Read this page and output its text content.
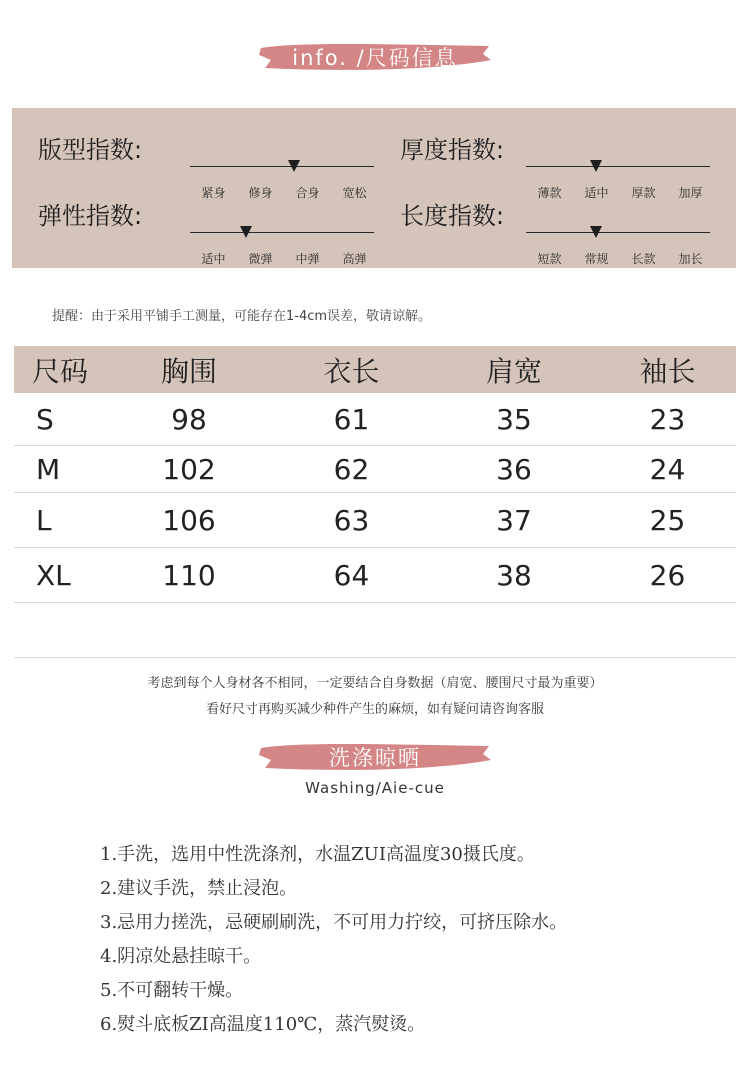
info. /尺码信息
版型指数:
紧身	修身	合身	宽松
厚度指数:
薄款	适中	厚款	加厚
弹性指数:
适中	微弹	中弹	高弹
长度指数:
短款	常规	长款	加长
提醒：由于采用平铺手工测量，可能存在1-4cm误差，敬请谅解。
尺码	胸围	衣长	肩宽	袖长
S	98	61	35	23
M	102	62	36	24
L	106	63	37	25
XL	110	64	38	26
考虑到每个人身材各不相同，一定要结合自身数据（肩宽、腰围尺寸最为重要）
看好尺寸再购买减少种件产生的麻烦，如有疑问请咨询客服
洗涤晾晒
Washing/Aie-cue
1.手洗，选用中性洗涤剂，水温ZUI高温度30摄氏度。
2.建议手洗，禁止浸泡。
3.忌用力搓洗，忌硬刷刷洗，不可用力拧绞，可挤压除水。
4.阴凉处悬挂晾干。
5.不可翻转干燥。
6.熨斗底板ZI高温度110℃，蒸汽熨烫。
